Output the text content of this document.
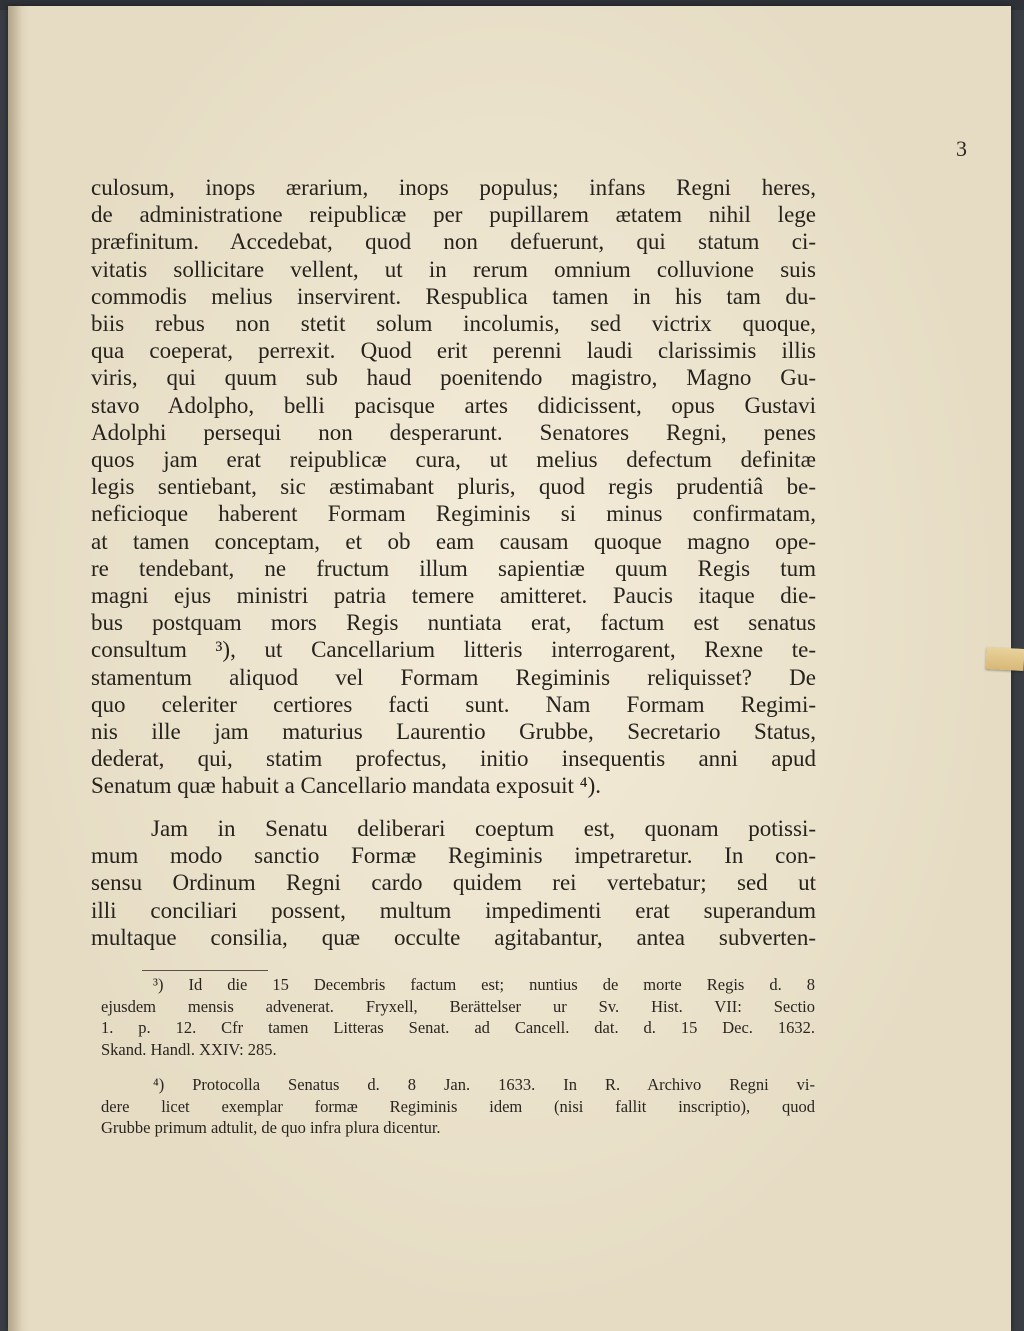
3
culosum, inops ærarium, inops populus; infans Regni heres,
de administratione reipublicæ per pupillarem ætatem nihil lege
præfinitum. Accedebat, quod non defuerunt, qui statum ci-
vitatis sollicitare vellent, ut in rerum omnium colluvione suis
commodis melius inservirent. Respublica tamen in his tam du-
biis rebus non stetit solum incolumis, sed victrix quoque,
qua coeperat, perrexit. Quod erit perenni laudi clarissimis illis
viris, qui quum sub haud poenitendo magistro, Magno Gu-
stavo Adolpho, belli pacisque artes didicissent, opus Gustavi
Adolphi persequi non desperarunt. Senatores Regni, penes
quos jam erat reipublicæ cura, ut melius defectum definitæ
legis sentiebant, sic æstimabant pluris, quod regis prudentiâ be-
neficioque haberent Formam Regiminis si minus confirmatam,
at tamen conceptam, et ob eam causam quoque magno ope-
re tendebant, ne fructum illum sapientiæ quum Regis tum
magni ejus ministri patria temere amitteret. Paucis itaque die-
bus postquam mors Regis nuntiata erat, factum est senatus
consultum ³), ut Cancellarium litteris interrogarent, Rexne te-
stamentum aliquod vel Formam Regiminis reliquisset? De
quo celeriter certiores facti sunt. Nam Formam Regimi-
nis ille jam maturius Laurentio Grubbe, Secretario Status,
dederat, qui, statim profectus, initio insequentis anni apud
Senatum quæ habuit a Cancellario mandata exposuit ⁴).
Jam in Senatu deliberari coeptum est, quonam potissi-
mum modo sanctio Formæ Regiminis impetraretur. In con-
sensu Ordinum Regni cardo quidem rei vertebatur; sed ut
illi conciliari possent, multum impedimenti erat superandum
multaque consilia, quæ occulte agitabantur, antea subverten-
³) Id die 15 Decembris factum est; nuntius de morte Regis d. 8
ejusdem mensis advenerat. Fryxell, Berättelser ur Sv. Hist. VII: Sectio
1. p. 12. Cfr tamen Litteras Senat. ad Cancell. dat. d. 15 Dec. 1632.
Skand. Handl. XXIV: 285.
⁴) Protocolla Senatus d. 8 Jan. 1633. In R. Archivo Regni vi-
dere licet exemplar formæ Regiminis idem (nisi fallit inscriptio), quod
Grubbe primum adtulit, de quo infra plura dicentur.
